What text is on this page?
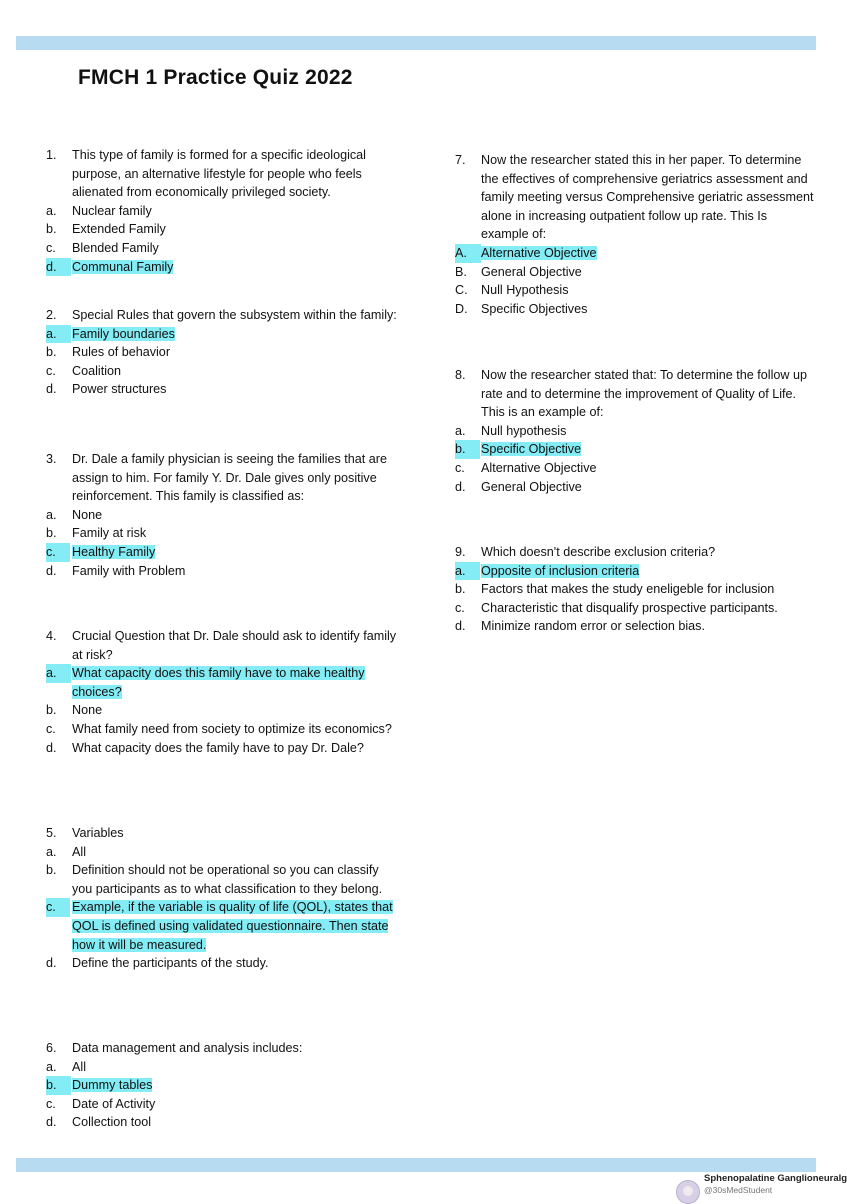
FMCH 1 Practice Quiz 2022
1. This type of family is formed for a specific ideological purpose, an alternative lifestyle for people who feels alienated from economically privileged society.
a. Nuclear family
b. Extended Family
c. Blended Family
d.	Communal Family
2. Special Rules that govern the subsystem within the family:
a.	Family boundaries
b. Rules of behavior
c. Coalition
d. Power structures
3. Dr. Dale a family physician is seeing the families that are assign to him. For family Y. Dr. Dale gives only positive reinforcement. This family is classified as:
a. None
b. Family at risk
c.	Healthy Family
d. Family with Problem
4. Crucial Question that Dr. Dale should ask to identify family at risk?
a.	What capacity does this family have to make healthy choices?
b. None
c. What family need from society to optimize its economics?
d. What capacity does the family have to pay Dr. Dale?
5. Variables
a. All
b. Definition should not be operational so you can classify you participants as to what classification to they belong.
c.	Example, if the variable is quality of life (QOL), states that QOL is defined using validated questionnaire. Then state how it will be measured.
d. Define the participants of the study.
6. Data management and analysis includes:
a. All
b.	Dummy tables
c. Date of Activity
d. Collection tool
7. Now the researcher stated this in her paper. To determine the effectives of comprehensive geriatrics assessment and family meeting versus Comprehensive geriatric assessment alone in increasing outpatient follow up rate. This Is example of:
A.	Alternative Objective
B. General Objective
C. Null Hypothesis
D. Specific Objectives
8. Now the researcher stated that: To determine the follow up rate and to determine the improvement of Quality of Life. This is an example of:
a. Null hypothesis
b.	Specific Objective
c. Alternative Objective
d. General Objective
9. Which doesn't describe exclusion criteria?
a.	Opposite of inclusion criteria
b. Factors that makes the study eneligeble for inclusion
c. Characteristic that disqualify prospective participants.
d. Minimize random error or selection bias.
Sphenopalatine Ganglioneuralg
@30sMedStudent
